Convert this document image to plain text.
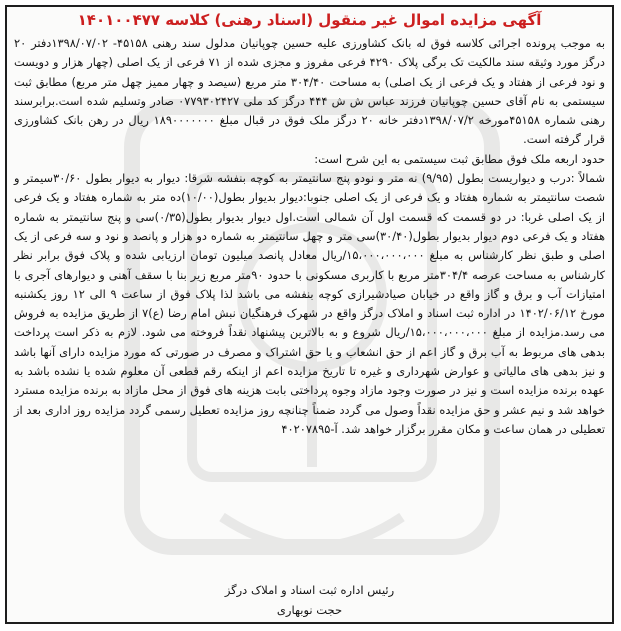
آگهی مزایده اموال غیر منقول (اسناد رهنی) کلاسه ۱۴۰۱۰۰۴۷۷

به موجب پرونده اجرائی کلاسه فوق له بانک کشاورزی علیه حسین چوپانیان مدلول سند رهنی ۴۵۱۵۸- ۱۳۹۸/۰۷/۰۲دفتر ۲۰ درگز مورد وثیقه سند مالکیت تک برگی پلاک ۴۲۹۰ فرعی مفروز و مجزی شده از ۷۱ فرعی از یک اصلی (چهار هزار و دویست و نود فرعی از هفتاد و یک فرعی از یک اصلی) به مساحت ۳۰۴/۴۰ متر مربع (سیصد و چهار ممیز چهل متر مربع) مطابق ثبت سیستمی به نام آقای حسین چوپانیان فرزند عباس ش ش ۴۴۴ درگز کد ملی ۰۷۷۹۳۰۲۴۲۷ صادر وتسلیم شده است.برابرسند رهنی شماره ۴۵۱۵۸مورخه ۱۳۹۸/۰۷/۲دفتر خانه ۲۰ درگز ملک فوق در قبال مبلغ ۱۸۹۰۰۰۰۰۰۰ ریال در رهن بانک کشاورزی قرار گرفته است.

حدود اربعه ملک فوق مطابق ثبت سیستمی به این شرح است:

شمالاً :درب و دیواریست بطول (۹/۹۵) نه متر و نودو پنج سانتیمتر به کوچه بنفشه شرقا: دیوار به دیوار بطول ۳۰/۶۰سیمتر و شصت سانتیمتر به شماره هفتاد و یک فرعی از یک اصلی جنوبا:دیوار بدیوار بطول(۱۰/۰۰)ده متر به شماره هفتاد و یک فرعی از یک اصلی غربا: در دو قسمت که قسمت اول آن شمالی است.اول دیوار بدیوار بطول(۰/۳۵)سی و پنج سانتیمتر به شماره هفتاد و یک فرعی دوم دیوار بدیوار بطول(۳۰/۴۰)سی متر و چهل سانتیمتر به شماره دو هزار و پانصد و نود و سه فرعی از یک اصلی و طبق نظر کارشناس به مبلغ ۱۵،۰۰۰،۰۰۰،۰۰۰/ریال معادل پانصد میلیون تومان ارزیابی شده و پلاک فوق برابر نظر کارشناس به مساحت عرصه ۳۰۴/۴متر مربع با کاربری مسکونی با حدود ۹۰متر مربع زیر بنا با سقف آهنی و دیوارهای آجری با امتیازات آب و برق و گاز واقع در خیابان صیادشیرازی کوچه بنفشه می باشد لذا پلاک فوق از ساعت ۹ الی ۱۲ روز یکشنبه مورخ ۱۴۰۲/۰۶/۱۲ در اداره ثبت اسناد و املاک درگز واقع در شهرک فرهنگیان نبش امام رضا (ع)۷ از طریق مزایده به فروش می رسد.مزایده از مبلغ ۱۵،۰۰۰،۰۰۰،۰۰۰/ریال شروع و به بالاترین پیشنهاد نقداً فروخته می شود. لازم به ذکر است پرداخت بدهی های مربوط به آب برق و گاز اعم از حق انشعاب و یا حق اشتراک و مصرف در صورتی که مورد مزایده دارای آنها باشد و نیز بدهی های مالیاتی و عوارض شهرداری و غیره تا تاریخ مزایده اعم از اینکه رقم قطعی آن معلوم شده یا نشده باشد به عهده برنده مزایده است و نیز در صورت وجود مازاد وجوه پرداختی بابت هزینه های فوق از محل مازاد به برنده مزایده مسترد خواهد شد و نیم عشر و حق مزایده نقداً وصول می گردد ضمناً چنانچه روز مزایده تعطیل رسمی گردد مزایده روز اداری بعد از تعطیلی در همان ساعت و مکان مقرر برگزار خواهد شد. آ-۴۰۲۰۷۸۹۵

رئیس اداره ثبت اسناد و املاک درگز
حجت نوبهاری
